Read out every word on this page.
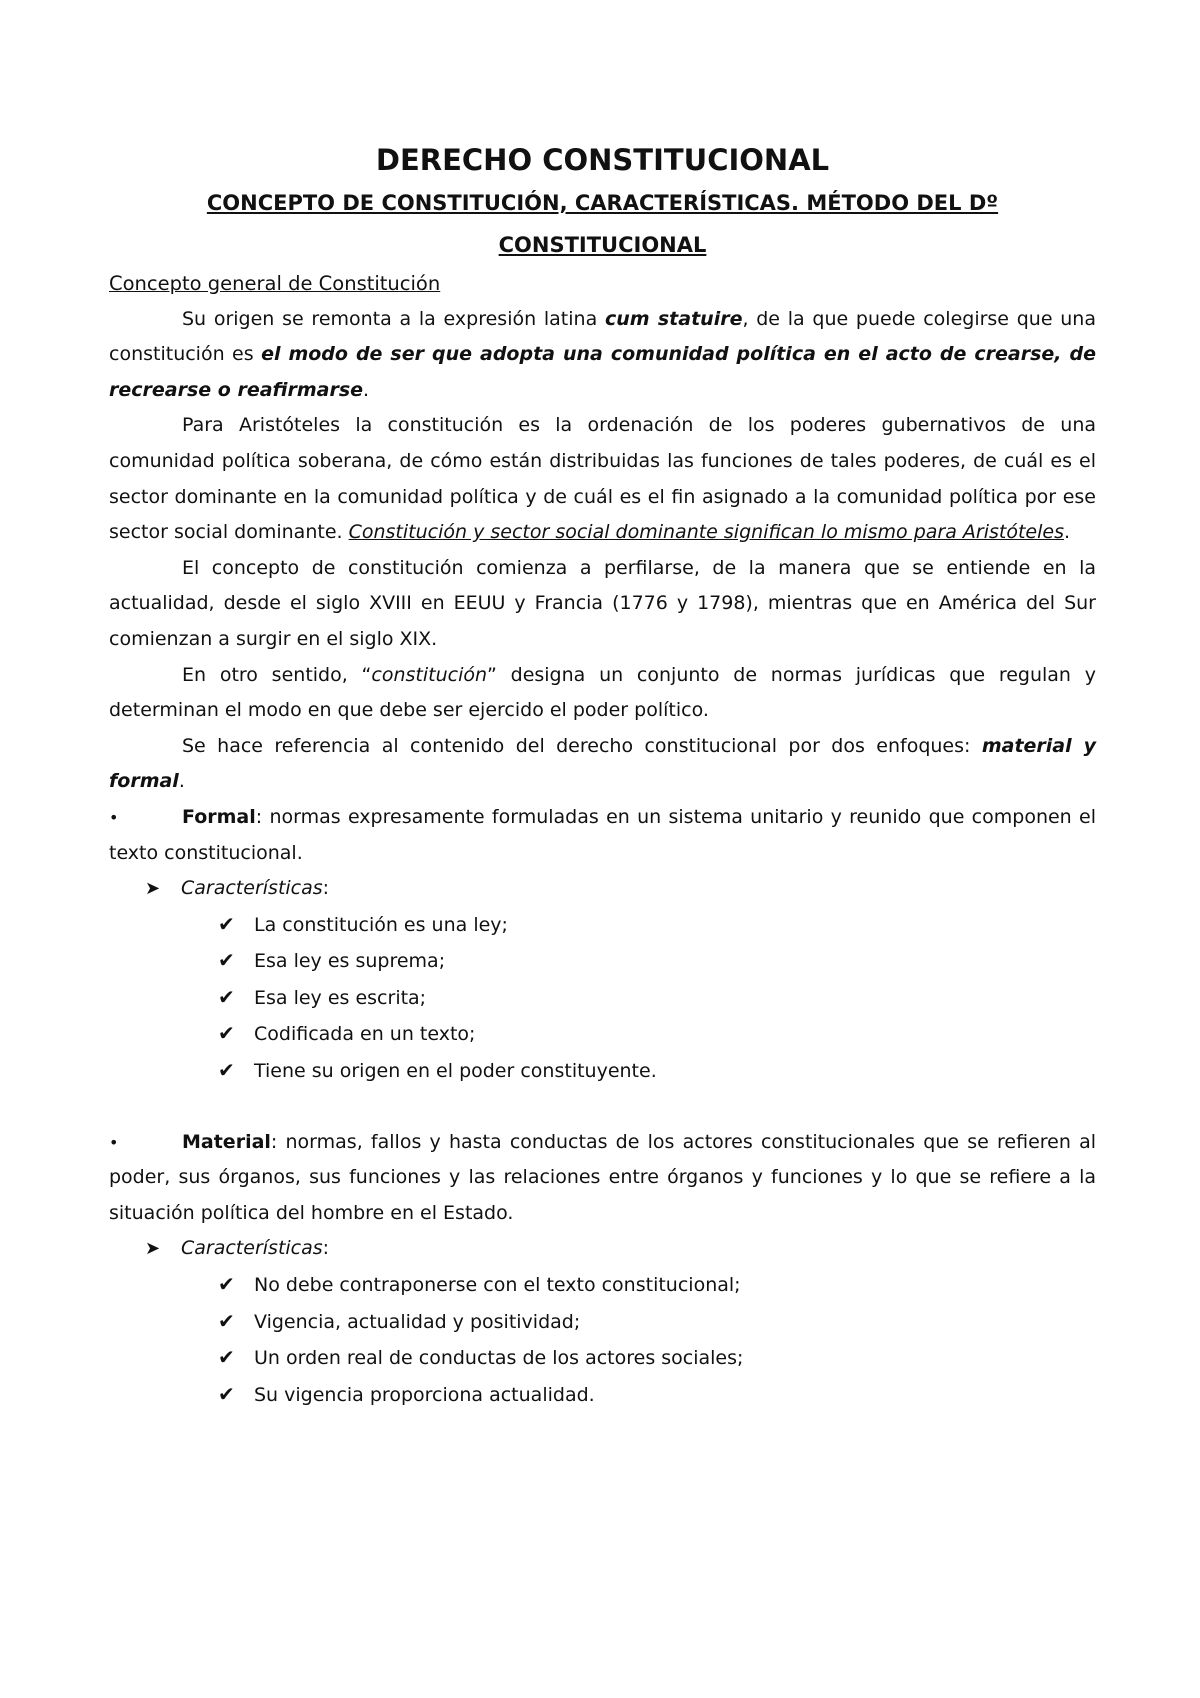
DERECHO CONSTITUCIONAL
CONCEPTO DE CONSTITUCIÓN, CARACTERÍSTICAS. MÉTODO DEL Dº CONSTITUCIONAL
Concepto general de Constitución

Su origen se remonta a la expresión latina cum statuire, de la que puede colegirse que una constitución es el modo de ser que adopta una comunidad política en el acto de crearse, de recrearse o reafirmarse.

Para Aristóteles la constitución es la ordenación de los poderes gubernativos de una comunidad política soberana, de cómo están distribuidas las funciones de tales poderes, de cuál es el sector dominante en la comunidad política y de cuál es el fin asignado a la comunidad política por ese sector social dominante. Constitución y sector social dominante significan lo mismo para Aristóteles.

El concepto de constitución comienza a perfilarse, de la manera que se entiende en la actualidad, desde el siglo XVIII en EEUU y Francia (1776 y 1798), mientras que en América del Sur comienzan a surgir en el siglo XIX.

En otro sentido, “constitución” designa un conjunto de normas jurídicas que regulan y determinan el modo en que debe ser ejercido el poder político.

Se hace referencia al contenido del derecho constitucional por dos enfoques: material y formal.

•	Formal: normas expresamente formuladas en un sistema unitario y reunido que componen el texto constitucional.

➤ Características:
✔ La constitución es una ley;
✔ Esa ley es suprema;
✔ Esa ley es escrita;
✔ Codificada en un texto;
✔ Tiene su origen en el poder constituyente.

•	Material: normas, fallos y hasta conductas de los actores constitucionales que se refieren al poder, sus órganos, sus funciones y las relaciones entre órganos y funciones y lo que se refiere a la situación política del hombre en el Estado.

➤ Características:
✔ No debe contraponerse con el texto constitucional;
✔ Vigencia, actualidad y positividad;
✔ Un orden real de conductas de los actores sociales;
✔ Su vigencia proporciona actualidad.
